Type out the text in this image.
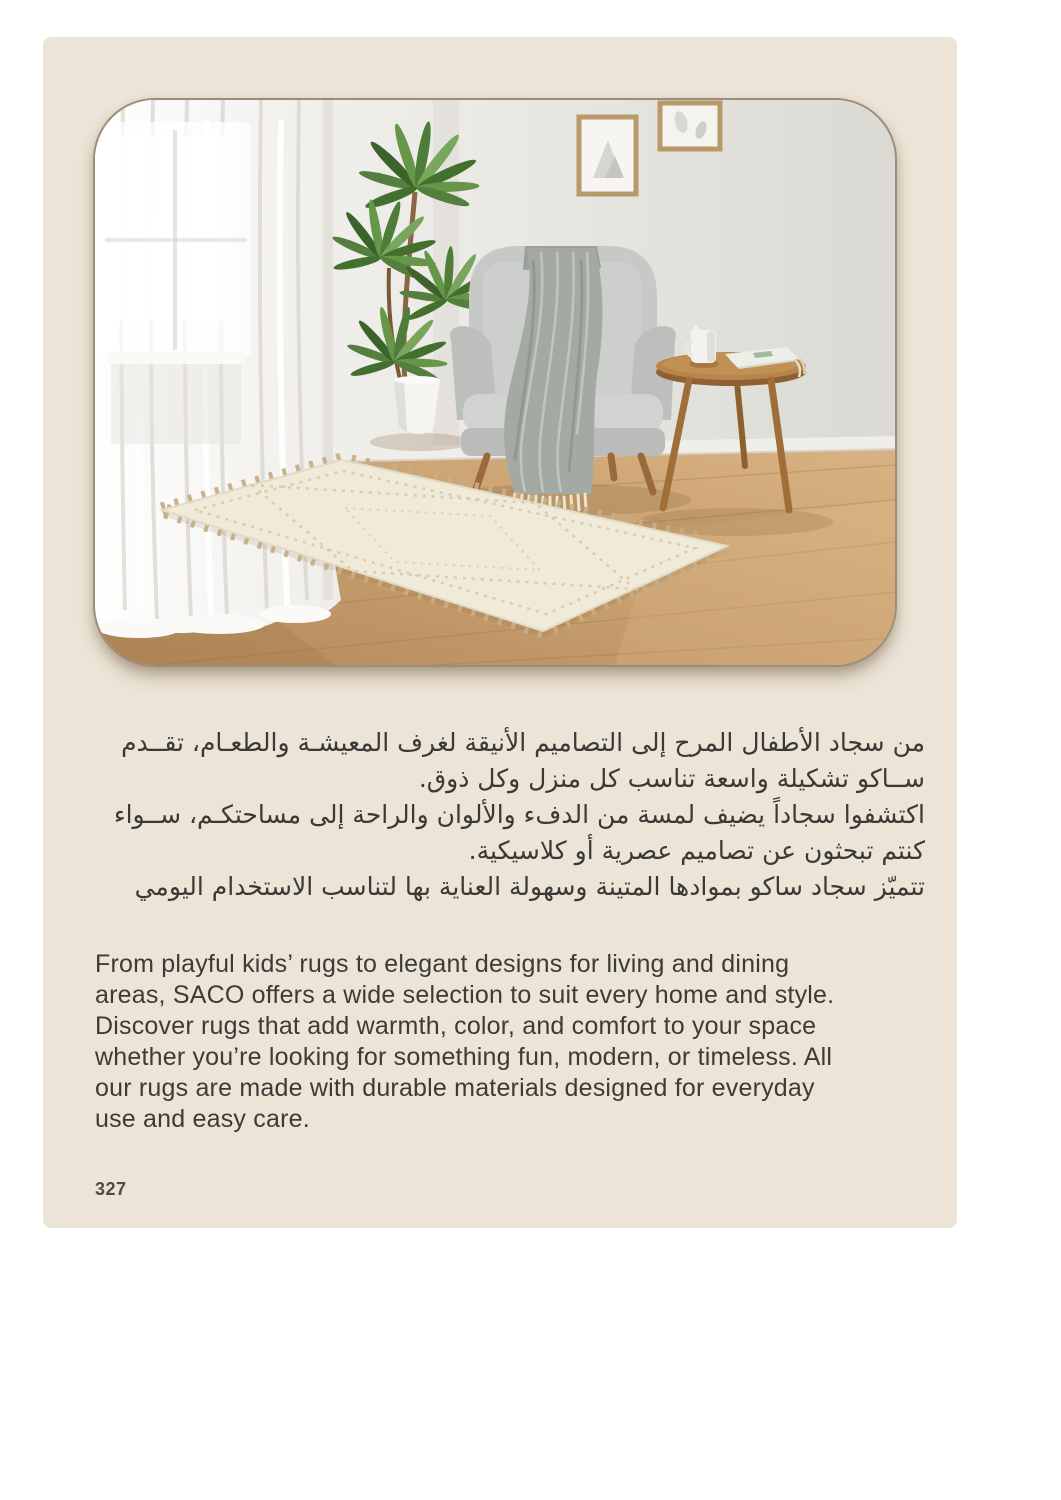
من سجاد الأطفال المرح إلى التصاميم الأنيقة لغرف المعيشـة والطعـام، تقــدم
ســاكو تشكيلة واسعة تناسب كل منزل وكل ذوق.
اكتشفوا سجاداً يضيف لمسة من الدفء والألوان والراحة إلى مساحتكـم، ســواء
كنتم تبحثون عن تصاميم عصرية أو كلاسيكية.
تتميّز سجاد ساكو بموادها المتينة وسهولة العناية بها لتناسب الاستخدام اليومي
From playful kids’ rugs to elegant designs for living and dining
areas, SACO offers a wide selection to suit every home and style.
Discover rugs that add warmth, color, and comfort to your space
whether you’re looking for something fun, modern, or timeless. All
our rugs are made with durable materials designed for everyday
use and easy care.
327
